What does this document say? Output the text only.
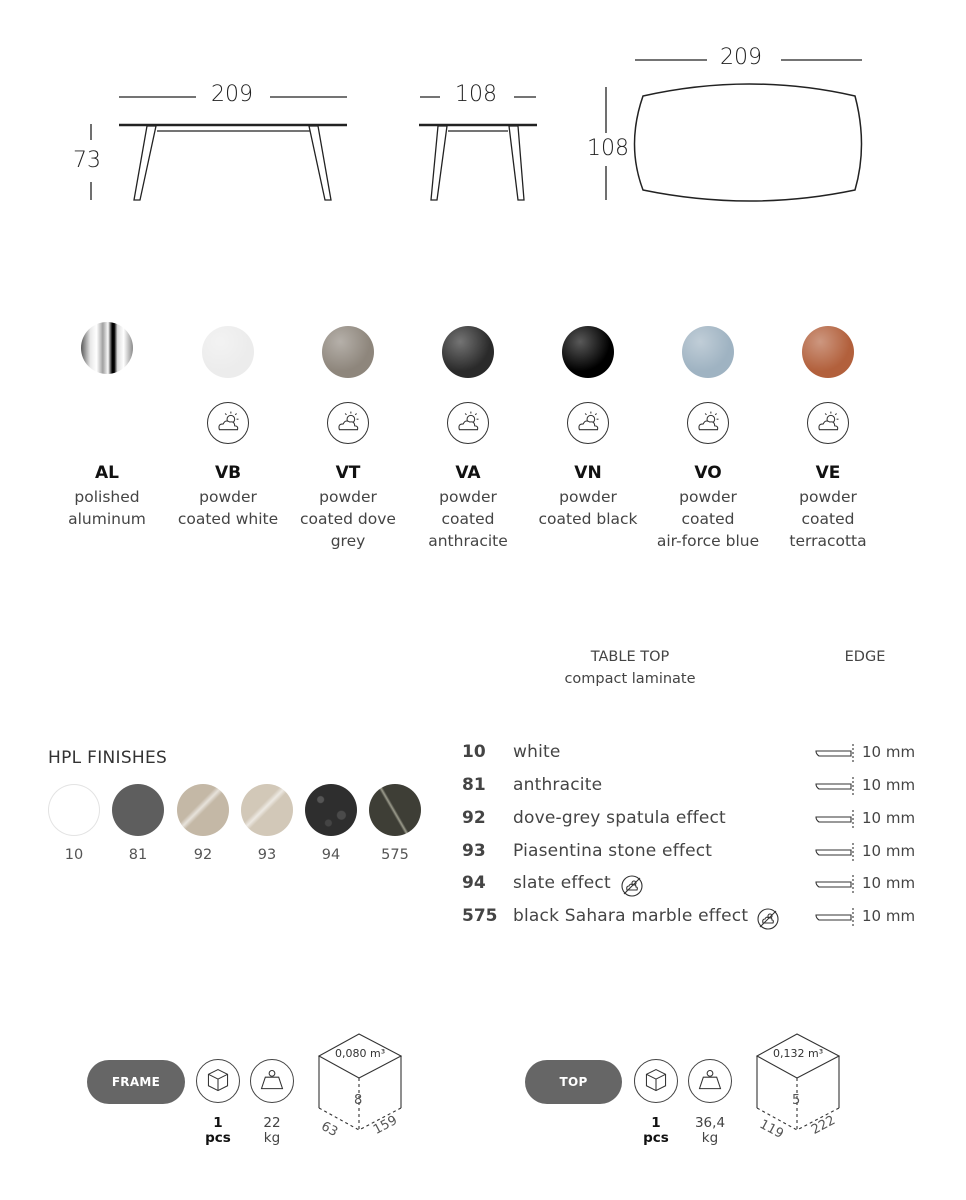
209
73
108
209
108
AL
polished
aluminum
VB
powder
coated white
VT
powder
coated dove
grey
VA
powder
coated
anthracite
VN
powder
coated black
VO
powder
coated
air-force blue
VE
powder
coated
terracotta
TABLE TOP
compact laminate
EDGE
HPL FINISHES
10	81	92	93	94	575
10	white	10 mm
81	anthracite	10 mm
92	dove-grey spatula effect	10 mm
93	Piasentina stone effect	10 mm
94	slate effect	10 mm
575 black Sahara marble effect	10 mm
FRAME
1
pcs
22
kg
0,080 m³
8
63 159
TOP
1
pcs
36,4
kg
0,132 m³
5
119 222
